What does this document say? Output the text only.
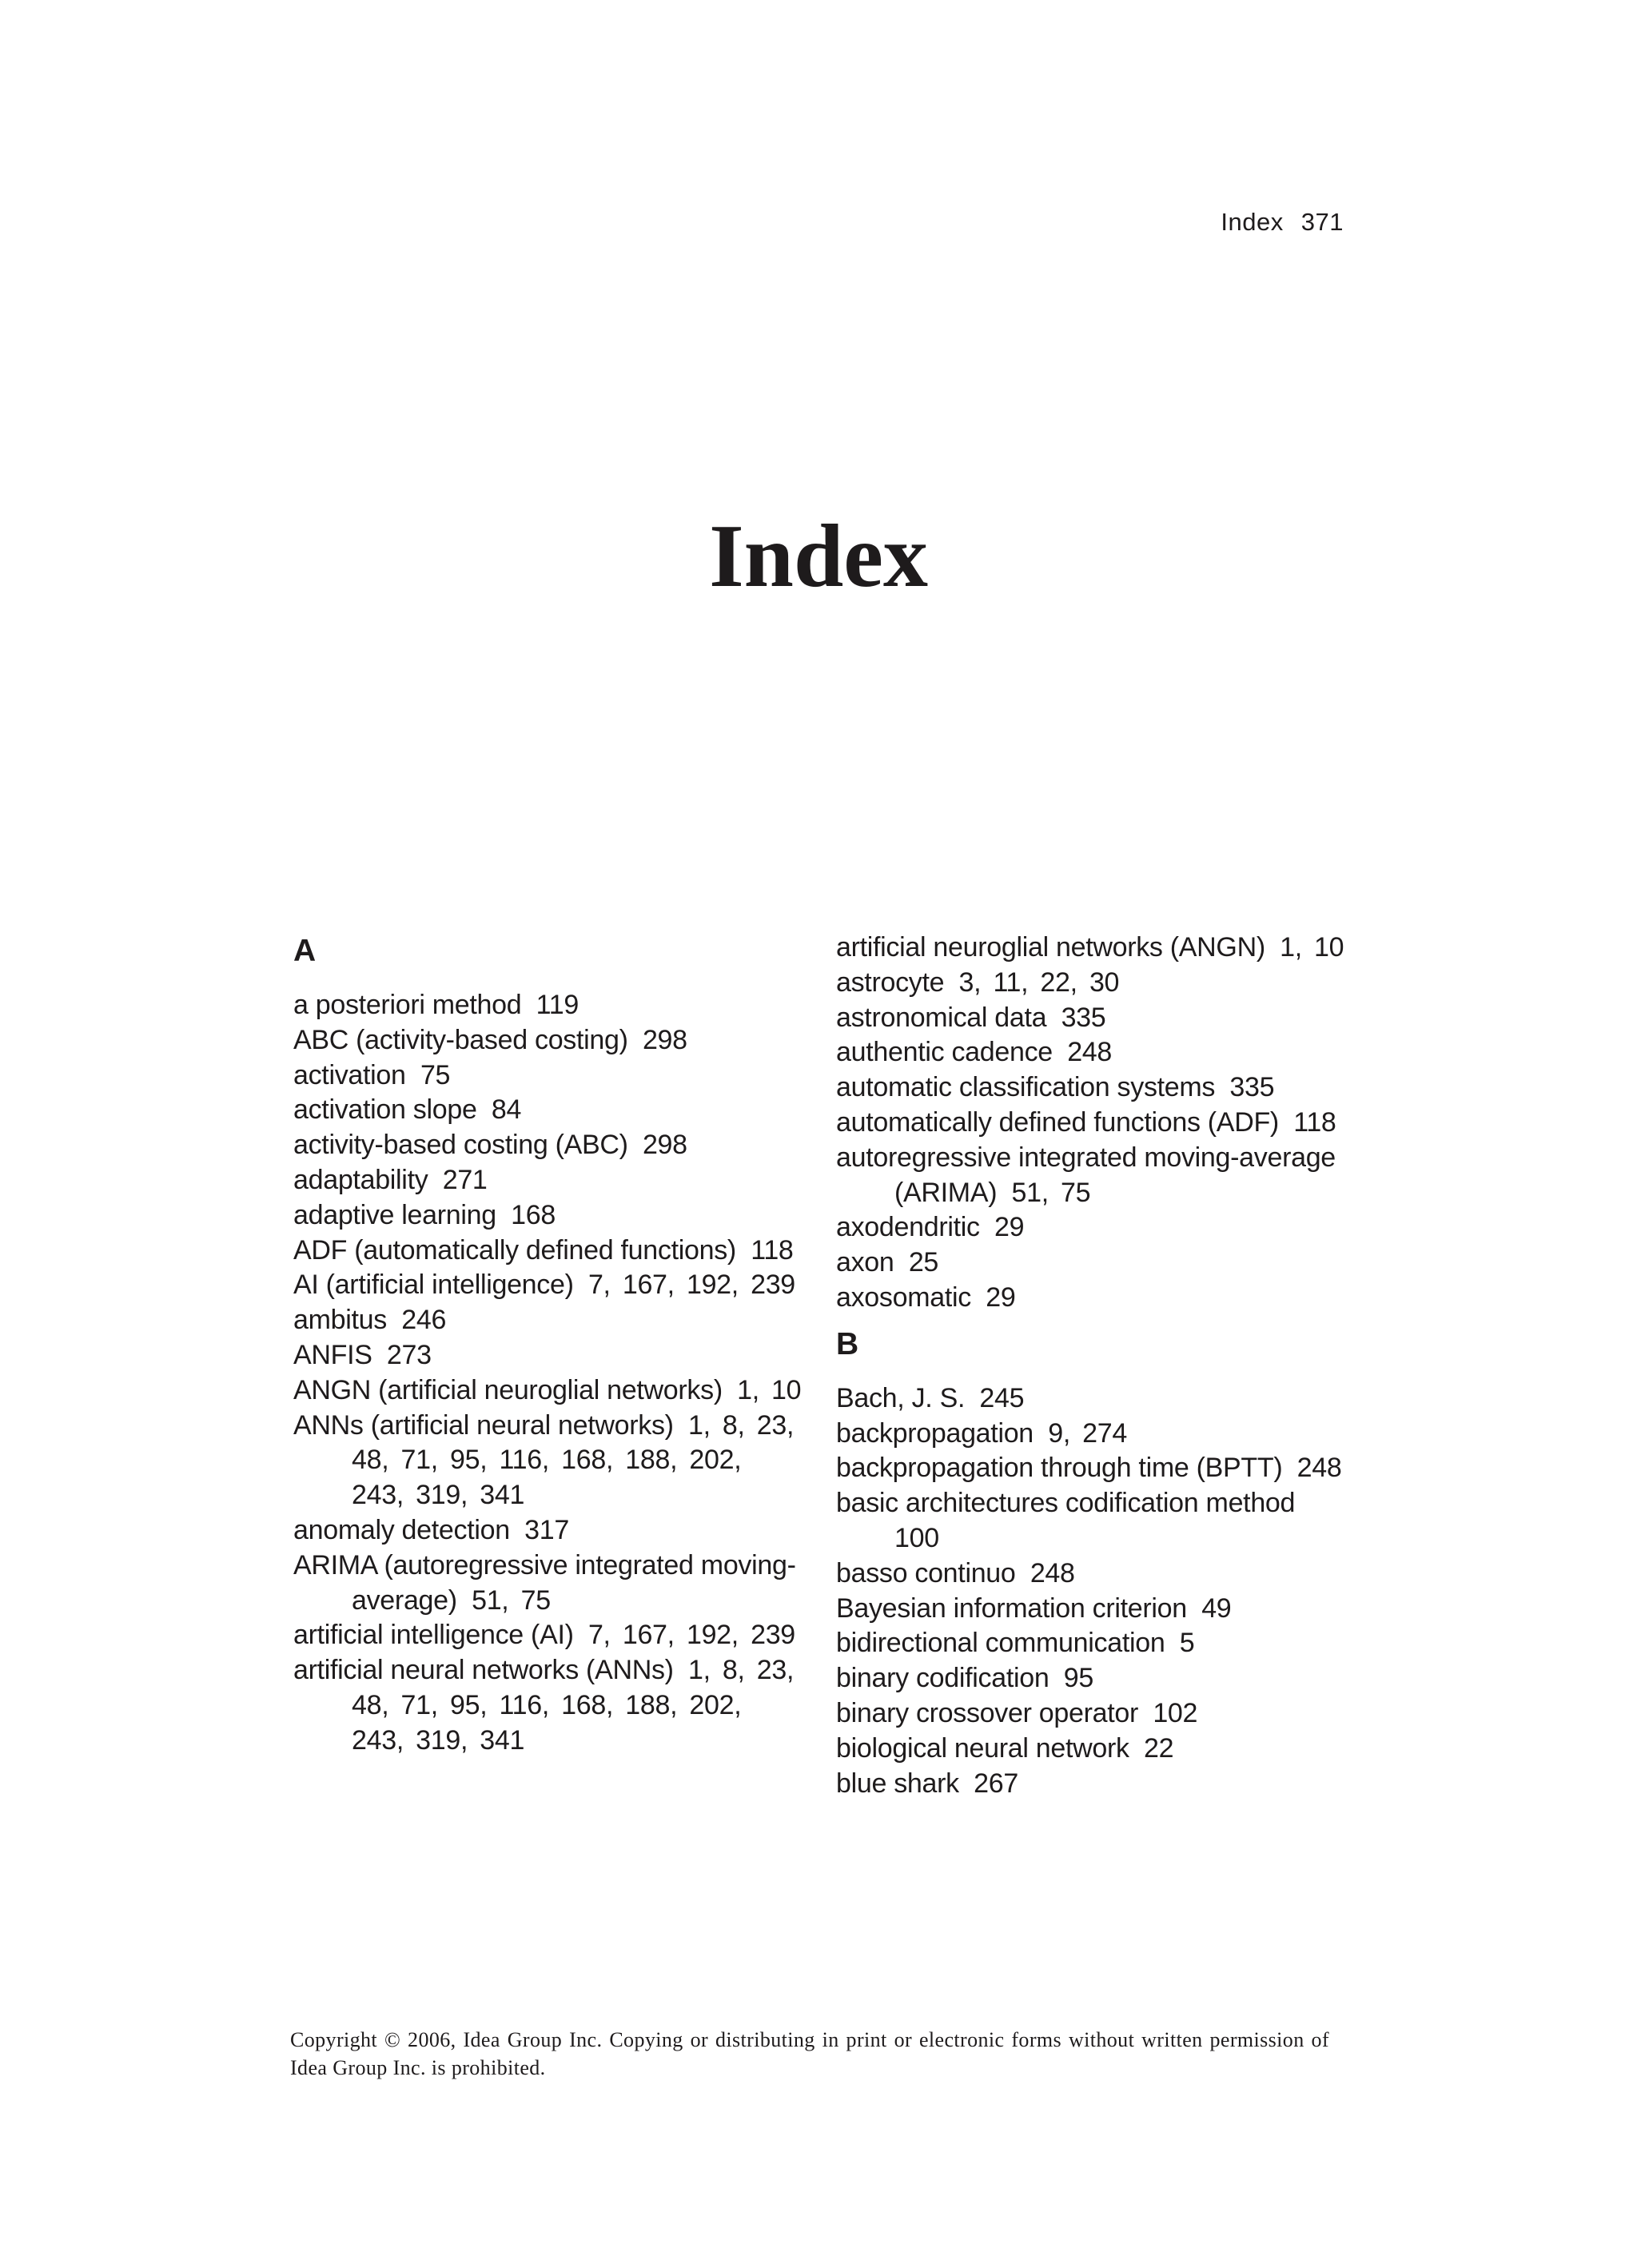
Index 371
Index
A
a posteriori method 119
ABC (activity-based costing) 298
activation 75
activation slope 84
activity-based costing (ABC) 298
adaptability 271
adaptive learning 168
ADF (automatically defined functions) 118
AI (artificial intelligence) 7, 167, 192, 239
ambitus 246
ANFIS 273
ANGN (artificial neuroglial networks) 1, 10
ANNs (artificial neural networks) 1, 8, 23, 48, 71, 95, 116, 168, 188, 202, 243, 319, 341
anomaly detection 317
ARIMA (autoregressive integrated moving-average) 51, 75
artificial intelligence (AI) 7, 167, 192, 239
artificial neural networks (ANNs) 1, 8, 23, 48, 71, 95, 116, 168, 188, 202, 243, 319, 341
artificial neuroglial networks (ANGN) 1, 10
astrocyte 3, 11, 22, 30
astronomical data 335
authentic cadence 248
automatic classification systems 335
automatically defined functions (ADF) 118
autoregressive integrated moving-average (ARIMA) 51, 75
axodendritic 29
axon 25
axosomatic 29
B
Bach, J. S. 245
backpropagation 9, 274
backpropagation through time (BPTT) 248
basic architectures codification method  100
basso continuo 248
Bayesian information criterion 49
bidirectional communication 5
binary codification 95
binary crossover operator 102
biological neural network 22
blue shark 267

Copyright © 2006, Idea Group Inc. Copying or distributing in print or electronic forms without written permission of Idea Group Inc. is prohibited.
